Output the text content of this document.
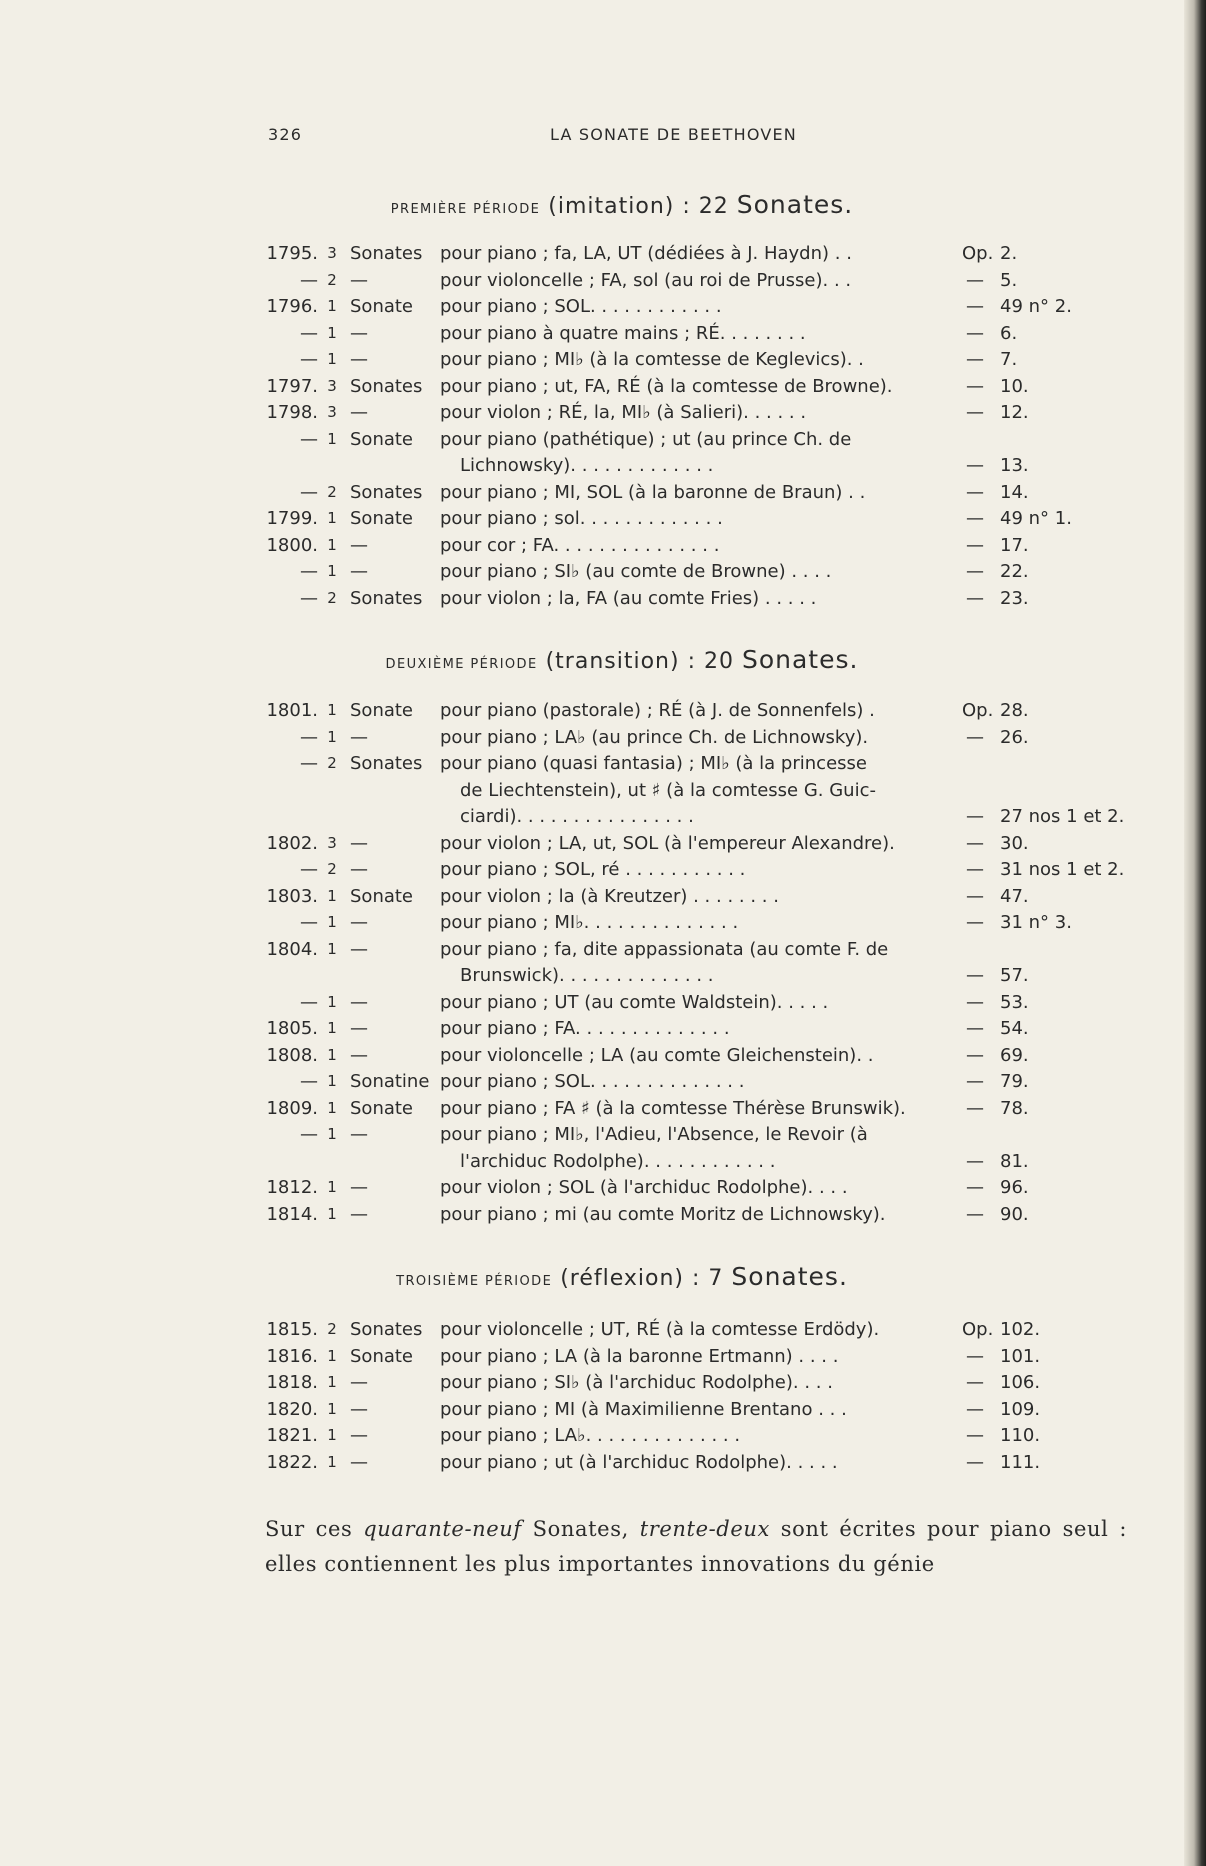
326	LA SONATE DE BEETHOVEN
PREMIÈRE PÉRIODE (imitation) : 22 Sonates.
1795. 3 Sonates pour piano ; fa, LA, UT (dédiées à J. Haydn) . .	Op. 2.
— 2 —	pour violoncelle ; FA, sol (au roi de Prusse). . .	— 5.
1796. 1 Sonate pour piano ; SOL. . . . . . . . . . . .	— 49 n° 2.
— 1 —	pour piano à quatre mains ; RÉ. . . . . . . .	— 6.
— 1 —	pour piano ; MI♭ (à la comtesse de Keglevics). .	— 7.
1797. 3 Sonates pour piano ; ut, FA, RÉ (à la comtesse de Browne).	— 10.
1798. 3 —	pour violon ; RÉ, la, MI♭ (à Salieri). . . . . .	— 12.
— 1 Sonate pour piano (pathétique) ; ut (au prince Ch. de
Lichnowsky). . . . . . . . . . . . .	— 13.
— 2 Sonates pour piano ; MI, SOL (à la baronne de Braun) . .	— 14.
1799. 1 Sonate pour piano ; sol. . . . . . . . . . . . .	— 49 n° 1.
1800. 1 —	pour cor ; FA. . . . . . . . . . . . . . .	— 17.
— 1 —	pour piano ; SI♭ (au comte de Browne) . . . .	— 22.
— 2 Sonates pour violon ; la, FA (au comte Fries) . . . . .	— 23.
DEUXIÈME PÉRIODE (transition) : 20 Sonates.
1801. 1 Sonate pour piano (pastorale) ; RÉ (à J. de Sonnenfels) .	Op. 28.
— 1 —	pour piano ; LA♭ (au prince Ch. de Lichnowsky).	— 26.
— 2 Sonates pour piano (quasi fantasia) ; MI♭ (à la princesse
de Liechtenstein), ut ♯ (à la comtesse G. Guic-
ciardi). . . . . . . . . . . . . . . .	— 27 nos 1 et 2.
1802. 3 —	pour violon ; LA, ut, SOL (à l'empereur Alexandre).	— 30.
— 2 —	pour piano ; SOL, ré . . . . . . . . . . .	— 31 nos 1 et 2.
1803. 1 Sonate pour violon ; la (à Kreutzer) . . . . . . . .	— 47.
— 1 —	pour piano ; MI♭. . . . . . . . . . . . . .	— 31 n° 3.
1804. 1 —	pour piano ; fa, dite appassionata (au comte F. de
Brunswick). . . . . . . . . . . . . .	— 57.
— 1 —	pour piano ; UT (au comte Waldstein). . . . .	— 53.
1805. 1 —	pour piano ; FA. . . . . . . . . . . . . .	— 54.
1808. 1 —	pour violoncelle ; LA (au comte Gleichenstein). .	— 69.
— 1 Sonatine pour piano ; SOL. . . . . . . . . . . . . .	— 79.
1809. 1 Sonate pour piano ; FA ♯ (à la comtesse Thérèse Brunswik).	— 78.
— 1 —	pour piano ; MI♭, l'Adieu, l'Absence, le Revoir (à
l'archiduc Rodolphe). . . . . . . . . . . .	— 81.
1812. 1 —	pour violon ; SOL (à l'archiduc Rodolphe). . . .	— 96.
1814. 1 —	pour piano ; mi (au comte Moritz de Lichnowsky).	— 90.
TROISIÈME PÉRIODE (réflexion) : 7 Sonates.
1815. 2 Sonates pour violoncelle ; UT, RÉ (à la comtesse Erdödy).	Op. 102.
1816. 1 Sonate pour piano ; LA (à la baronne Ertmann) . . . .	— 101.
1818. 1 —	pour piano ; SI♭ (à l'archiduc Rodolphe). . . .	— 106.
1820. 1 —	pour piano ; MI (à Maximilienne Brentano . . .	— 109.
1821. 1 —	pour piano ; LA♭. . . . . . . . . . . . . .	— 110.
1822. 1 —	pour piano ; ut (à l'archiduc Rodolphe). . . . .	— 111.
Sur ces quarante-neuf Sonates, trente-deux sont écrites pour piano seul : elles contiennent les plus importantes innovations du génie
